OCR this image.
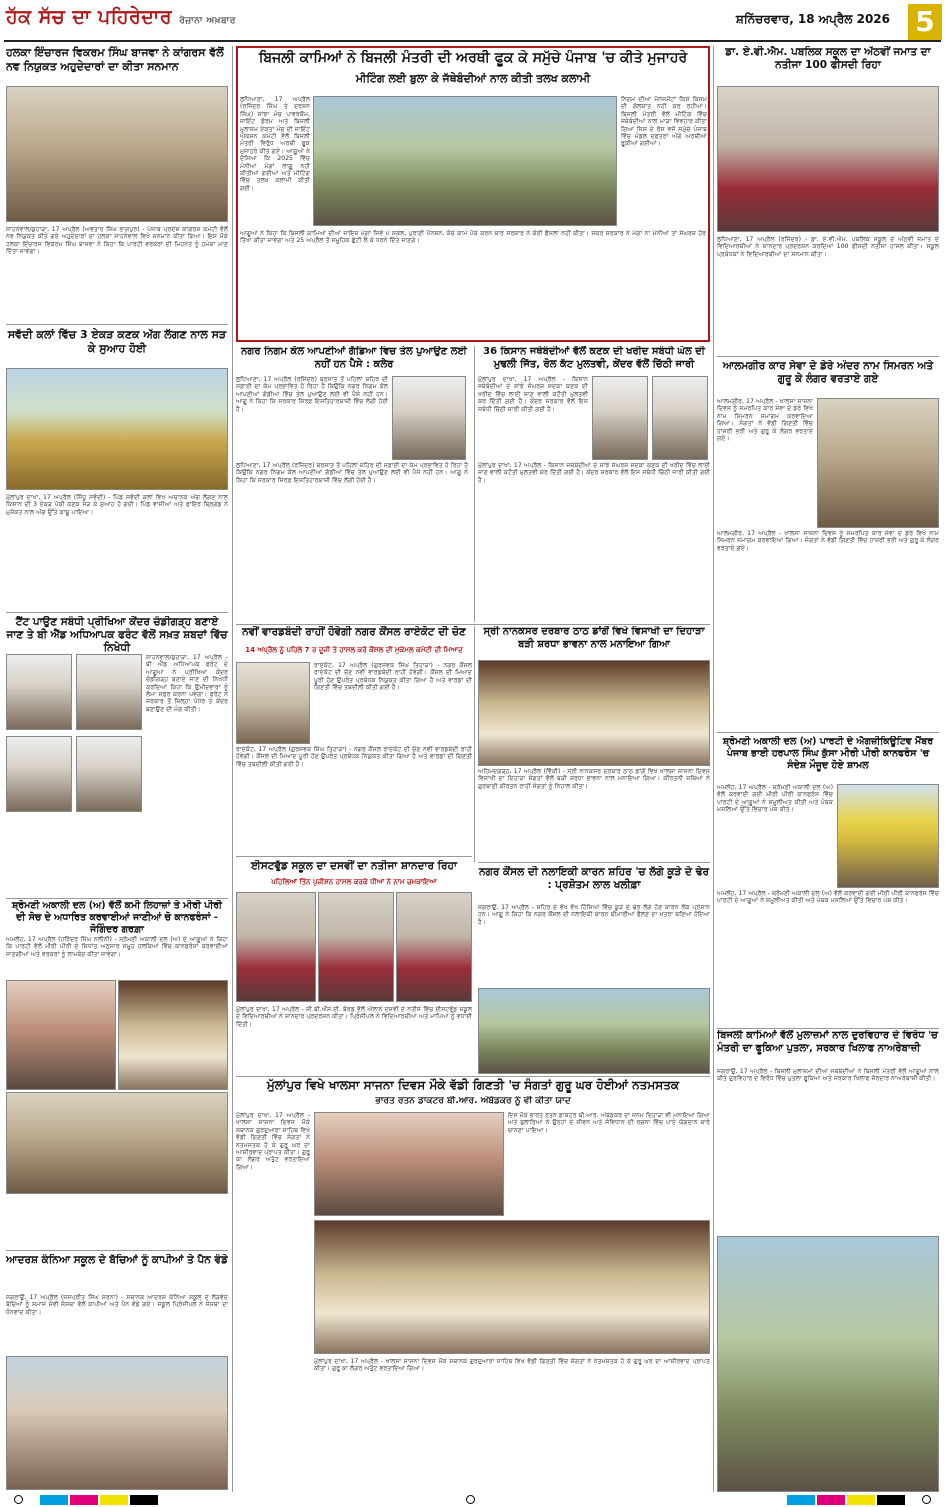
ਹੱਕ ਸੱਚ ਦਾ ਪਹਿਰੇਦਾਰ ਰੋਜ਼ਾਨਾ ਅਖ਼ਬਾਰ	ਸ਼ਨਿੱਚਰਵਾਰ, 18 ਅਪ੍ਰੈਲ 2026 5
ਹਲਕਾ ਇੰਚਾਰਜ ਵਿਕਰਮ ਸਿੰਘ ਬਾਜਵਾ ਨੇ ਕਾਂਗਰਸ ਵੱਲੋਂ ਨਵ ਨਿਯੁਕਤ ਅਹੁਦੇਦਾਰਾਂ ਦਾ ਕੀਤਾ ਸਨਮਾਨ
ਸਾਹਨੇਵਾਲ/ਕੁਹਾੜਾ, 17 ਅਪ੍ਰੈਲ (ਅਵਤਾਰ ਸਿੰਘ ਭਾਗਪੁਰ) - ਪੰਜਾਬ ਪ੍ਰਦੇਸ਼ ਕਾਂਗਰਸ ਕਮੇਟੀ ਵੱਲੋਂ ਨਵ ਨਿਯੁਕਤ ਕੀਤੇ ਗਏ ਅਹੁਦੇਦਾਰਾਂ ਦਾ ਹਲਕਾ ਸਾਹਨੇਵਾਲ ਵਿਖੇ ਸਨਮਾਨ ਕੀਤਾ ਗਿਆ। ਇਸ ਮੌਕੇ ਹਲਕਾ ਇੰਚਾਰਜ ਵਿਕਰਮ ਸਿੰਘ ਬਾਜਵਾ ਨੇ ਕਿਹਾ ਕਿ ਪਾਰਟੀ ਵਰਕਰਾਂ ਦੀ ਮਿਹਨਤ ਨੂੰ ਹਮੇਸ਼ਾ ਮਾਣ ਦਿੱਤਾ ਜਾਵੇਗਾ।
ਸਵੱਦੀ ਕਲਾਂ ਵਿੱਚ 3 ਏਕੜ ਕਣਕ ਅੱਗ ਲੱਗਣ ਨਾਲ ਸੜ ਕੇ ਸੁਆਹ ਹੋਈ
ਮੁੱਲਾਂਪੁਰ ਦਾਖਾ, 17 ਅਪ੍ਰੈਲ (ਸਿੱਧੂ ਸਵੱਦੀ) - ਪਿੰਡ ਸਵੱਦੀ ਕਲਾਂ ਵਿਖੇ ਅਚਾਨਕ ਅੱਗ ਲੱਗਣ ਨਾਲ ਕਿਸਾਨ ਦੀ 3 ਏਕੜ ਪੱਕੀ ਕਣਕ ਸੜ ਕੇ ਸੁਆਹ ਹੋ ਗਈ। ਪਿੰਡ ਵਾਸੀਆਂ ਅਤੇ ਫਾਇਰ ਬ੍ਰਿਗੇਡ ਨੇ ਮੁਸ਼ੱਕਤ ਨਾਲ ਅੱਗ ਉੱਤੇ ਕਾਬੂ ਪਾਇਆ।
ਟੈਂਟ ਪਾਉਣ ਸਬੰਧੀ ਪ੍ਰੀਖਿਆ ਕੇਂਦਰ ਚੰਡੀਗੜ੍ਹ ਬਣਾਏ ਜਾਣ ਤੇ ਬੀ ਐੱਡ ਅਧਿਆਪਕ ਫਰੰਟ ਵੱਲੋਂ ਸਖ਼ਤ ਸ਼ਬਦਾਂ ਵਿੱਚ ਨਿਖੇਧੀ
ਸਾਹਨੇਵਾਲ/ਕੁਹਾੜਾ, 17 ਅਪ੍ਰੈਲ - ਬੀ ਐੱਡ ਅਧਿਆਪਕ ਫਰੰਟ ਦੇ ਆਗੂਆਂ ਨੇ ਪ੍ਰੀਖਿਆ ਕੇਂਦਰ ਚੰਡੀਗੜ੍ਹ ਬਣਾਏ ਜਾਣ ਦੀ ਨਿਖੇਧੀ ਕਰਦਿਆਂ ਕਿਹਾ ਕਿ ਉਮੀਦਵਾਰਾਂ ਨੂੰ ਲੰਮਾ ਸਫ਼ਰ ਕਰਨਾ ਪਵੇਗਾ। ਫਰੰਟ ਨੇ ਸਰਕਾਰ ਤੋਂ ਜ਼ਿਲ੍ਹਾ ਪੱਧਰ ਤੇ ਕੇਂਦਰ ਬਣਾਉਣ ਦੀ ਮੰਗ ਕੀਤੀ।
ਸ਼੍ਰੋਮਣੀ ਅਕਾਲੀ ਦਲ (ਅ) ਵੱਲੋਂ ਕਮੀ ਲਿਹਾਜ਼ਾਂ ਤੇ ਮੀਰੀ ਪੀਰੀ ਦੀ ਸੋਚ ਦੇ ਅਧਾਰਿਤ ਕਰਵਾਈਆਂ ਜਾਣੀਆਂ ਚੋ ਕਾਨਫਰੰਸਾਂ - ਜੋਗਿੰਦਰ ਗਰਗ਼ਾ
ਅਮਲੋਹ, 17 ਅਪ੍ਰੈਲ (ਹਰਿੰਦਰ ਸਿੰਘ ਨਲੀਨੀ) - ਸ਼੍ਰੋਮਣੀ ਅਕਾਲੀ ਦਲ (ਅ) ਦੇ ਆਗੂਆਂ ਨੇ ਕਿਹਾ ਕਿ ਪਾਰਟੀ ਵੱਲੋਂ ਮੀਰੀ ਪੀਰੀ ਦੇ ਸਿਧਾਂਤ ਅਨੁਸਾਰ ਸਮੂਹ ਹਲਕਿਆਂ ਵਿੱਚ ਕਾਨਫਰੰਸਾਂ ਕਰਵਾਈਆਂ ਜਾਣਗੀਆਂ ਅਤੇ ਵਰਕਰਾਂ ਨੂੰ ਲਾਮਬੰਦ ਕੀਤਾ ਜਾਵੇਗਾ।
ਆਦਰਸ਼ ਕੰਨਿਆ ਸਕੂਲ ਦੇ ਬੱਚਿਆਂ ਨੂੰ ਕਾਪੀਆਂ ਤੇ ਪੈਨ ਵੰਡੇ
ਜਗਰਾਉਂ, 17 ਅਪ੍ਰੈਲ (ਜਸਪ੍ਰੀਤ ਸਿੰਘ ਸਰਨਾ) - ਸਥਾਨਕ ਆਦਰਸ਼ ਕੰਨਿਆ ਸਕੂਲ ਦੇ ਲੋੜਵੰਦ ਬੱਚਿਆਂ ਨੂੰ ਸਮਾਜ ਸੇਵੀ ਸੰਸਥਾ ਵੱਲੋਂ ਕਾਪੀਆਂ ਅਤੇ ਪੈਨ ਵੰਡੇ ਗਏ। ਸਕੂਲ ਪ੍ਰਿੰਸੀਪਲ ਨੇ ਸੰਸਥਾ ਦਾ ਧੰਨਵਾਦ ਕੀਤਾ।
ਬਿਜਲੀ ਕਾਮਿਆਂ ਨੇ ਬਿਜਲੀ ਮੰਤਰੀ ਦੀ ਅਰਥੀ ਫੂਕ ਕੇ ਸਮੁੱਚੇ ਪੰਜਾਬ 'ਚ ਕੀਤੇ ਮੁਜਾਹਰੇ
ਮੀਟਿੰਗ ਲਈ ਬੁਲਾ ਕੇ ਜੱਥੇਬੰਦੀਆਂ ਨਾਲ ਕੀਤੀ ਤਲਖ ਕਲਾਮੀ
ਲੁਧਿਆਣਾ, 17 ਅਪ੍ਰੈਲ (ਰਜਿੰਦਰ ਸਿੰਘ ਤੇ ਦਰਸ਼ਨ ਸਿੰਘ) ਸਾਂਝਾ ਮੰਚ ਪਾਵਰਕੌਮ, ਜਾਇੰਟ ਫੋਰਮ ਅਤੇ ਬਿਜਲੀ ਮੁਲਾਜ਼ਮ ਏਕਤਾ ਮੰਚ ਦੀ ਜਾਇੰਟ ਐਕਸ਼ਨ ਕਮੇਟੀ ਵੱਲੋਂ ਬਿਜਲੀ ਮੰਤਰੀ ਵਿਰੁੱਧ ਅਰਥੀ ਫੂਕ ਮੁਜਾਹਰੇ ਕੀਤੇ ਗਏ। ਆਗੂਆਂ ਨੇ ਦੱਸਿਆ ਕਿ 2025 ਵਿੱਚ ਮੰਨੀਆਂ ਮੰਗਾਂ ਲਾਗੂ ਨਹੀਂ ਕੀਤੀਆਂ ਗਈਆਂ ਅਤੇ ਮੀਟਿੰਗ ਵਿੱਚ ਤਲਖ ਕਲਾਮੀ ਕੀਤੀ ਗਈ।
ਨਿਗਮ ਦੀਆਂ ਮੈਨੇਜਮੈਂਟਾਂ ਕਿਸੇ ਕਿਸਮ ਦੀ ਗੱਲਬਾਤ ਨਹੀਂ ਕਰ ਰਹੀਆਂ। ਬਿਜਲੀ ਮੰਤਰੀ ਵੱਲੋਂ ਮੀਟਿੰਗ ਵਿੱਚ ਜਥੇਬੰਦੀਆਂ ਨਾਲ ਮਾੜਾ ਵਿਵਹਾਰ ਕੀਤਾ ਗਿਆ ਜਿਸ ਦੇ ਰੋਸ ਵਜੋਂ ਸਮੁੱਚੇ ਪੰਜਾਬ ਵਿੱਚ ਮੰਡਲ ਦਫ਼ਤਰਾਂ ਅੱਗੇ ਅਰਥੀਆਂ ਫੂਕੀਆਂ ਗਈਆਂ।
ਆਗੂਆਂ ਨੇ ਕਿਹਾ ਕਿ ਬਿਜਲੀ ਕਾਮਿਆਂ ਦੀਆਂ ਜਾਇਜ਼ ਮੰਗਾਂ ਜਿਵੇਂ ਪੇ ਸਕੇਲ, ਪੁਰਾਣੀ ਪੈਨਸ਼ਨ, ਕੱਚੇ ਕਾਮੇ ਪੱਕੇ ਕਰਨ ਬਾਰੇ ਸਰਕਾਰ ਨੇ ਕੋਈ ਫੈਸਲਾ ਨਹੀਂ ਕੀਤਾ। ਜੇਕਰ ਸਰਕਾਰ ਨੇ ਮੰਗਾਂ ਨਾ ਮੰਨੀਆਂ ਤਾਂ ਸੰਘਰਸ਼ ਹੋਰ ਤਿੱਖਾ ਕੀਤਾ ਜਾਵੇਗਾ ਅਤੇ 25 ਅਪ੍ਰੈਲ ਤੋਂ ਸਮੂਹਿਕ ਛੁੱਟੀ ਲੈ ਕੇ ਧਰਨੇ ਦਿੱਤੇ ਜਾਣਗੇ।
ਨਗਰ ਨਿਗਮ ਕੋਲ ਆਪਣੀਆਂ ਗੱਡਿਆ ਵਿਚ ਤੇਲ ਪੁਆਉਣ ਲਈ ਨਹੀਂ ਹਨ ਪੈਸੇ : ਕਲੇਰ
ਲੁਧਿਆਣਾ, 17 ਅਪ੍ਰੈਲ (ਰਜਿੰਦਰ) ਬਰਸਾਤ ਤੋਂ ਪਹਿਲਾਂ ਸ਼ਹਿਰ ਦੀ ਸਫ਼ਾਈ ਦਾ ਕੰਮ ਪ੍ਰਭਾਵਿਤ ਹੋ ਰਿਹਾ ਹੈ ਕਿਉਂਕਿ ਨਗਰ ਨਿਗਮ ਕੋਲ ਆਪਣੀਆਂ ਗੱਡੀਆਂ ਵਿੱਚ ਤੇਲ ਪੁਆਉਣ ਲਈ ਵੀ ਪੈਸੇ ਨਹੀਂ ਹਨ। ਆਗੂ ਨੇ ਕਿਹਾ ਕਿ ਸਰਕਾਰ ਸਿਰਫ਼ ਇਸ਼ਤਿਹਾਰਬਾਜ਼ੀ ਵਿੱਚ ਲੱਗੀ ਹੋਈ ਹੈ।
ਲੁਧਿਆਣਾ, 17 ਅਪ੍ਰੈਲ (ਰਜਿੰਦਰ) ਬਰਸਾਤ ਤੋਂ ਪਹਿਲਾਂ ਸ਼ਹਿਰ ਦੀ ਸਫ਼ਾਈ ਦਾ ਕੰਮ ਪ੍ਰਭਾਵਿਤ ਹੋ ਰਿਹਾ ਹੈ ਕਿਉਂਕਿ ਨਗਰ ਨਿਗਮ ਕੋਲ ਆਪਣੀਆਂ ਗੱਡੀਆਂ ਵਿੱਚ ਤੇਲ ਪੁਆਉਣ ਲਈ ਵੀ ਪੈਸੇ ਨਹੀਂ ਹਨ। ਆਗੂ ਨੇ ਕਿਹਾ ਕਿ ਸਰਕਾਰ ਸਿਰਫ਼ ਇਸ਼ਤਿਹਾਰਬਾਜ਼ੀ ਵਿੱਚ ਲੱਗੀ ਹੋਈ ਹੈ।
36 ਕਿਸਾਨ ਜਥੇਬੰਦੀਆਂ ਵੱਲੋਂ ਕਣਕ ਦੀ ਖਰੀਦ ਸਬੰਧੀ ਘੋਲ ਦੀ ਮੁਢਲੀ ਜਿੱਤ, ਰੋਲ ਕੱਟ ਮੁਲਤਵੀ, ਕੇਂਦਰ ਵੱਲੋਂ ਚਿੱਠੀ ਜਾਰੀ
ਮੁੱਲਾਂਪੁਰ ਦਾਖਾ, 17 ਅਪ੍ਰੈਲ - ਕਿਸਾਨ ਜਥੇਬੰਦੀਆਂ ਦੇ ਸਾਂਝੇ ਸੰਘਰਸ਼ ਸਦਕਾ ਕਣਕ ਦੀ ਖਰੀਦ ਵਿੱਚ ਲਾਈ ਜਾਣ ਵਾਲੀ ਕਟੌਤੀ ਮੁਲਤਵੀ ਕਰ ਦਿੱਤੀ ਗਈ ਹੈ। ਕੇਂਦਰ ਸਰਕਾਰ ਵੱਲੋਂ ਇਸ ਸਬੰਧੀ ਚਿੱਠੀ ਜਾਰੀ ਕੀਤੀ ਗਈ ਹੈ।
ਮੁੱਲਾਂਪੁਰ ਦਾਖਾ, 17 ਅਪ੍ਰੈਲ - ਕਿਸਾਨ ਜਥੇਬੰਦੀਆਂ ਦੇ ਸਾਂਝੇ ਸੰਘਰਸ਼ ਸਦਕਾ ਕਣਕ ਦੀ ਖਰੀਦ ਵਿੱਚ ਲਾਈ ਜਾਣ ਵਾਲੀ ਕਟੌਤੀ ਮੁਲਤਵੀ ਕਰ ਦਿੱਤੀ ਗਈ ਹੈ। ਕੇਂਦਰ ਸਰਕਾਰ ਵੱਲੋਂ ਇਸ ਸਬੰਧੀ ਚਿੱਠੀ ਜਾਰੀ ਕੀਤੀ ਗਈ ਹੈ।
ਨਵੀਂ ਵਾਰਡਬੰਦੀ ਰਾਹੀਂ ਹੋਵੇਗੀ ਨਗਰ ਕੌਂਸਲ ਰਾਏਕੋਟ ਦੀ ਚੋਣ
14 ਅਪ੍ਰੈਲ ਨੂੰ ਪਹਿਲੇ 7 ਰ ਦੂਜੀ ਤੇ ਹਾਸਲ ਕਰੋ ਕੌਂਸਲ ਦੀ ਮੁਕੰਮਲ ਕਮੇਟੀ ਦੀ ਮਿਆਦ
ਰਾਏਕੋਟ, 17 ਅਪ੍ਰੈਲ (ਗੁਰਸੇਵਕ ਸਿੰਘ ਤਿਹਾੜਾ) - ਨਗਰ ਕੌਂਸਲ ਰਾਏਕੋਟ ਦੀ ਚੋਣ ਨਵੀਂ ਵਾਰਡਬੰਦੀ ਰਾਹੀਂ ਹੋਵੇਗੀ। ਕੌਂਸਲ ਦੀ ਮਿਆਦ ਪੂਰੀ ਹੋਣ ਉਪਰੰਤ ਪ੍ਰਬੰਧਕ ਨਿਯੁਕਤ ਕੀਤਾ ਗਿਆ ਹੈ ਅਤੇ ਵਾਰਡਾਂ ਦੀ ਗਿਣਤੀ ਵਿੱਚ ਤਬਦੀਲੀ ਕੀਤੀ ਗਈ ਹੈ।
ਰਾਏਕੋਟ, 17 ਅਪ੍ਰੈਲ (ਗੁਰਸੇਵਕ ਸਿੰਘ ਤਿਹਾੜਾ) - ਨਗਰ ਕੌਂਸਲ ਰਾਏਕੋਟ ਦੀ ਚੋਣ ਨਵੀਂ ਵਾਰਡਬੰਦੀ ਰਾਹੀਂ ਹੋਵੇਗੀ। ਕੌਂਸਲ ਦੀ ਮਿਆਦ ਪੂਰੀ ਹੋਣ ਉਪਰੰਤ ਪ੍ਰਬੰਧਕ ਨਿਯੁਕਤ ਕੀਤਾ ਗਿਆ ਹੈ ਅਤੇ ਵਾਰਡਾਂ ਦੀ ਗਿਣਤੀ ਵਿੱਚ ਤਬਦੀਲੀ ਕੀਤੀ ਗਈ ਹੈ।
ਸ੍ਰੀ ਨਾਨਕਸਰ ਦਰਬਾਰ ਠਾਠ ਡਾਂਗੋਂ ਵਿਖੇ ਵਿਸਾਖੀ ਦਾ ਦਿਹਾੜਾ ਬੜੀ ਸ਼ਰਧਾ ਭਾਵਨਾ ਨਾਲ ਮਨਾਇਆ ਗਿਆ
ਅਹਿਮਦਗੜ੍ਹ, 17 ਅਪ੍ਰੈਲ (ਵਿੱਕੀ) - ਸ੍ਰੀ ਨਾਨਕਸਰ ਦਰਬਾਰ ਠਾਠ ਡਾਂਗੋਂ ਵਿਖੇ ਖਾਲਸਾ ਸਾਜਨਾ ਦਿਵਸ ਵਿਸਾਖੀ ਦਾ ਦਿਹਾੜਾ ਸੰਗਤਾਂ ਵੱਲੋਂ ਬੜੀ ਸ਼ਰਧਾ ਭਾਵਨਾ ਨਾਲ ਮਨਾਇਆ ਗਿਆ। ਕੀਰਤਨੀ ਜਥਿਆਂ ਨੇ ਗੁਰਬਾਣੀ ਕੀਰਤਨ ਰਾਹੀਂ ਸੰਗਤਾਂ ਨੂੰ ਨਿਹਾਲ ਕੀਤਾ।
ਈਸਟਵੁੱਡ ਸਕੂਲ ਦਾ ਦਸਵੀਂ ਦਾ ਨਤੀਜਾ ਸ਼ਾਨਦਾਰ ਰਿਹਾ
ਪਹਿਲਿਆਂ ਤਿੰਨ ਪੁਜ਼ੀਸ਼ਨ ਹਾਸਲ ਕਰਕੇ ਧੀਆਂ ਨੇ ਨਾਮ ਚਮਕਾਇਆ
ਮੁੱਲਾਂਪੁਰ ਦਾਖਾ, 17 ਅਪ੍ਰੈਲ - ਸੀ.ਬੀ.ਐੱਸ.ਈ. ਬੋਰਡ ਵੱਲੋਂ ਐਲਾਨੇ ਦਸਵੀਂ ਦੇ ਨਤੀਜੇ ਵਿੱਚ ਈਸਟਵੁੱਡ ਸਕੂਲ ਦੇ ਵਿਦਿਆਰਥੀਆਂ ਨੇ ਸ਼ਾਨਦਾਰ ਪ੍ਰਦਰਸ਼ਨ ਕੀਤਾ। ਪ੍ਰਿੰਸੀਪਲ ਨੇ ਵਿਦਿਆਰਥੀਆਂ ਅਤੇ ਮਾਪਿਆਂ ਨੂੰ ਵਧਾਈ ਦਿੱਤੀ।
ਨਗਰ ਕੌਂਸਲ ਦੀ ਨਲਾਇਕੀ ਕਾਰਨ ਸ਼ਹਿਰ 'ਚ ਲੱਗੇ ਕੂੜੇ ਦੇ ਢੇਰ : ਪ੍ਰਸ਼ੋਤਮ ਲਾਲ ਖਲੀਫ਼ਾ
ਜਗਰਾਉਂ, 17 ਅਪ੍ਰੈਲ - ਸ਼ਹਿਰ ਦੇ ਵੱਖ ਵੱਖ ਹਿੱਸਿਆਂ ਵਿੱਚ ਕੂੜੇ ਦੇ ਢੇਰ ਲੱਗੇ ਹੋਣ ਕਾਰਨ ਲੋਕ ਪ੍ਰੇਸ਼ਾਨ ਹਨ। ਆਗੂ ਨੇ ਕਿਹਾ ਕਿ ਨਗਰ ਕੌਂਸਲ ਦੀ ਨਲਾਇਕੀ ਕਾਰਨ ਬੀਮਾਰੀਆਂ ਫੈਲਣ ਦਾ ਖ਼ਤਰਾ ਬਣਿਆ ਹੋਇਆ ਹੈ।
ਮੁੱਲਾਂਪੁਰ ਵਿਖੇ ਖਾਲਸਾ ਸਾਜਨਾ ਦਿਵਸ ਮੌਕੇ ਵੱਡੀ ਗਿਣਤੀ 'ਚ ਸੰਗਤਾਂ ਗੁਰੂ ਘਰ ਹੋਈਆਂ ਨਤਮਸਤਕ
ਭਾਰਤ ਰਤਨ ਡਾਕਟਰ ਬੀ.ਆਰ. ਅੰਬੇਡਕਰ ਨੂੰ ਵੀ ਕੀਤਾ ਯਾਦ
ਮੁੱਲਾਂਪੁਰ ਦਾਖਾ, 17 ਅਪ੍ਰੈਲ - ਖਾਲਸਾ ਸਾਜਨਾ ਦਿਵਸ ਮੌਕੇ ਸਥਾਨਕ ਗੁਰਦੁਆਰਾ ਸਾਹਿਬ ਵਿਖੇ ਵੱਡੀ ਗਿਣਤੀ ਵਿੱਚ ਸੰਗਤਾਂ ਨੇ ਨਤਮਸਤਕ ਹੋ ਕੇ ਗੁਰੂ ਘਰ ਦਾ ਆਸ਼ੀਰਵਾਦ ਪ੍ਰਾਪਤ ਕੀਤਾ। ਗੁਰੂ ਕਾ ਲੰਗਰ ਅਤੁੱਟ ਵਰਤਾਇਆ ਗਿਆ।
ਇਸ ਮੌਕੇ ਭਾਰਤ ਰਤਨ ਡਾਕਟਰ ਬੀ.ਆਰ. ਅੰਬੇਡਕਰ ਦਾ ਜਨਮ ਦਿਹਾੜਾ ਵੀ ਮਨਾਇਆ ਗਿਆ ਅਤੇ ਬੁਲਾਰਿਆਂ ਨੇ ਉਨ੍ਹਾਂ ਦੇ ਜੀਵਨ ਅਤੇ ਸੰਵਿਧਾਨ ਦੀ ਰਚਨਾ ਵਿੱਚ ਪਾਏ ਯੋਗਦਾਨ ਬਾਰੇ ਚਾਨਣਾ ਪਾਇਆ।
ਮੁੱਲਾਂਪੁਰ ਦਾਖਾ, 17 ਅਪ੍ਰੈਲ - ਖਾਲਸਾ ਸਾਜਨਾ ਦਿਵਸ ਮੌਕੇ ਸਥਾਨਕ ਗੁਰਦੁਆਰਾ ਸਾਹਿਬ ਵਿਖੇ ਵੱਡੀ ਗਿਣਤੀ ਵਿੱਚ ਸੰਗਤਾਂ ਨੇ ਨਤਮਸਤਕ ਹੋ ਕੇ ਗੁਰੂ ਘਰ ਦਾ ਆਸ਼ੀਰਵਾਦ ਪ੍ਰਾਪਤ ਕੀਤਾ। ਗੁਰੂ ਕਾ ਲੰਗਰ ਅਤੁੱਟ ਵਰਤਾਇਆ ਗਿਆ।
ਡਾ. ਏ.ਵੀ.ਐਮ. ਪਬਲਿਕ ਸਕੂਲ ਦਾ ਅੱਠਵੀਂ ਜਮਾਤ ਦਾ ਨਤੀਜਾ 100 ਫੀਸਦੀ ਰਿਹਾ
ਲੁਧਿਆਣਾ, 17 ਅਪ੍ਰੈਲ (ਰਜਿੰਦਰ) - ਡਾ. ਏ.ਵੀ.ਐਮ. ਪਬਲਿਕ ਸਕੂਲ ਦੇ ਅੱਠਵੀਂ ਜਮਾਤ ਦੇ ਵਿਦਿਆਰਥੀਆਂ ਨੇ ਸ਼ਾਨਦਾਰ ਪ੍ਰਦਰਸ਼ਨ ਕਰਦਿਆਂ 100 ਫੀਸਦੀ ਨਤੀਜਾ ਹਾਸਲ ਕੀਤਾ। ਸਕੂਲ ਪ੍ਰਬੰਧਕਾਂ ਨੇ ਵਿਦਿਆਰਥੀਆਂ ਦਾ ਸਨਮਾਨ ਕੀਤਾ।
ਆਲਮਗੀਰ ਕਾਰ ਸੇਵਾ ਦੇ ਡੇਰੇ ਅੰਦਰ ਨਾਮ ਸਿਮਰਨ ਅਤੇ ਗੁਰੂ ਕੇ ਲੰਗਰ ਵਰਤਾਏ ਗਏ
ਆਲਮਗੀਰ, 17 ਅਪ੍ਰੈਲ - ਖਾਲਸਾ ਸਾਜਨਾ ਦਿਵਸ ਨੂੰ ਸਮਰਪਿਤ ਕਾਰ ਸੇਵਾ ਦੇ ਡੇਰੇ ਵਿਖੇ ਨਾਮ ਸਿਮਰਨ ਸਮਾਗਮ ਕਰਵਾਇਆ ਗਿਆ। ਸੰਗਤਾਂ ਨੇ ਵੱਡੀ ਗਿਣਤੀ ਵਿੱਚ ਹਾਜ਼ਰੀ ਭਰੀ ਅਤੇ ਗੁਰੂ ਕੇ ਲੰਗਰ ਵਰਤਾਏ ਗਏ।
ਆਲਮਗੀਰ, 17 ਅਪ੍ਰੈਲ - ਖਾਲਸਾ ਸਾਜਨਾ ਦਿਵਸ ਨੂੰ ਸਮਰਪਿਤ ਕਾਰ ਸੇਵਾ ਦੇ ਡੇਰੇ ਵਿਖੇ ਨਾਮ ਸਿਮਰਨ ਸਮਾਗਮ ਕਰਵਾਇਆ ਗਿਆ। ਸੰਗਤਾਂ ਨੇ ਵੱਡੀ ਗਿਣਤੀ ਵਿੱਚ ਹਾਜ਼ਰੀ ਭਰੀ ਅਤੇ ਗੁਰੂ ਕੇ ਲੰਗਰ ਵਰਤਾਏ ਗਏ।
ਸ਼੍ਰੋਮਣੀ ਅਕਾਲੀ ਦਲ (ਅ) ਪਾਰਟੀ ਦੇ ਐਗਜ਼ੀਕਿਊਟਿਵ ਮੈਂਬਰ ਪੰਜਾਬ ਭਾਈ ਹਰਪਾਲ ਸਿੰਘ ਕੁੱਸਾ ਮੀਰੀ ਪੀਰੀ ਕਾਨਫਰੰਸ 'ਚ ਸੰਦੇਸ਼ ਮੌਜੂਦ ਹੋਏ ਸ਼ਾਮਲ
ਅਮਲੋਹ, 17 ਅਪ੍ਰੈਲ - ਸ਼੍ਰੋਮਣੀ ਅਕਾਲੀ ਦਲ (ਅ) ਵੱਲੋਂ ਕਰਵਾਈ ਗਈ ਮੀਰੀ ਪੀਰੀ ਕਾਨਫਰੰਸ ਵਿੱਚ ਪਾਰਟੀ ਦੇ ਆਗੂਆਂ ਨੇ ਸ਼ਮੂਲੀਅਤ ਕੀਤੀ ਅਤੇ ਪੰਥਕ ਮਸਲਿਆਂ ਉੱਤੇ ਵਿਚਾਰ ਪੇਸ਼ ਕੀਤੇ।
ਅਮਲੋਹ, 17 ਅਪ੍ਰੈਲ - ਸ਼੍ਰੋਮਣੀ ਅਕਾਲੀ ਦਲ (ਅ) ਵੱਲੋਂ ਕਰਵਾਈ ਗਈ ਮੀਰੀ ਪੀਰੀ ਕਾਨਫਰੰਸ ਵਿੱਚ ਪਾਰਟੀ ਦੇ ਆਗੂਆਂ ਨੇ ਸ਼ਮੂਲੀਅਤ ਕੀਤੀ ਅਤੇ ਪੰਥਕ ਮਸਲਿਆਂ ਉੱਤੇ ਵਿਚਾਰ ਪੇਸ਼ ਕੀਤੇ।
ਬਿਜਲੀ ਕਾਮਿਆਂ ਵੱਲੋਂ ਮੁਲਾਜ਼ਮਾਂ ਨਾਲ ਦੁਰਵਿਹਾਰ ਦੇ ਵਿਰੋਧ 'ਚ ਮੰਤਰੀ ਦਾ ਫੂਕਿਆ ਪੁਤਲਾ, ਸਰਕਾਰ ਖਿਲਾਫ ਨਾਅਰੇਬਾਜ਼ੀ
ਜਗਰਾਉਂ, 17 ਅਪ੍ਰੈਲ - ਬਿਜਲੀ ਮੁਲਾਜ਼ਮਾਂ ਦੀਆਂ ਜਥੇਬੰਦੀਆਂ ਨੇ ਬਿਜਲੀ ਮੰਤਰੀ ਵੱਲੋਂ ਆਗੂਆਂ ਨਾਲ ਕੀਤੇ ਦੁਰਵਿਹਾਰ ਦੇ ਵਿਰੋਧ ਵਿੱਚ ਪੁਤਲਾ ਫੂਕਿਆ ਅਤੇ ਸਰਕਾਰ ਖਿਲਾਫ ਜ਼ੋਰਦਾਰ ਨਾਅਰੇਬਾਜ਼ੀ ਕੀਤੀ।
